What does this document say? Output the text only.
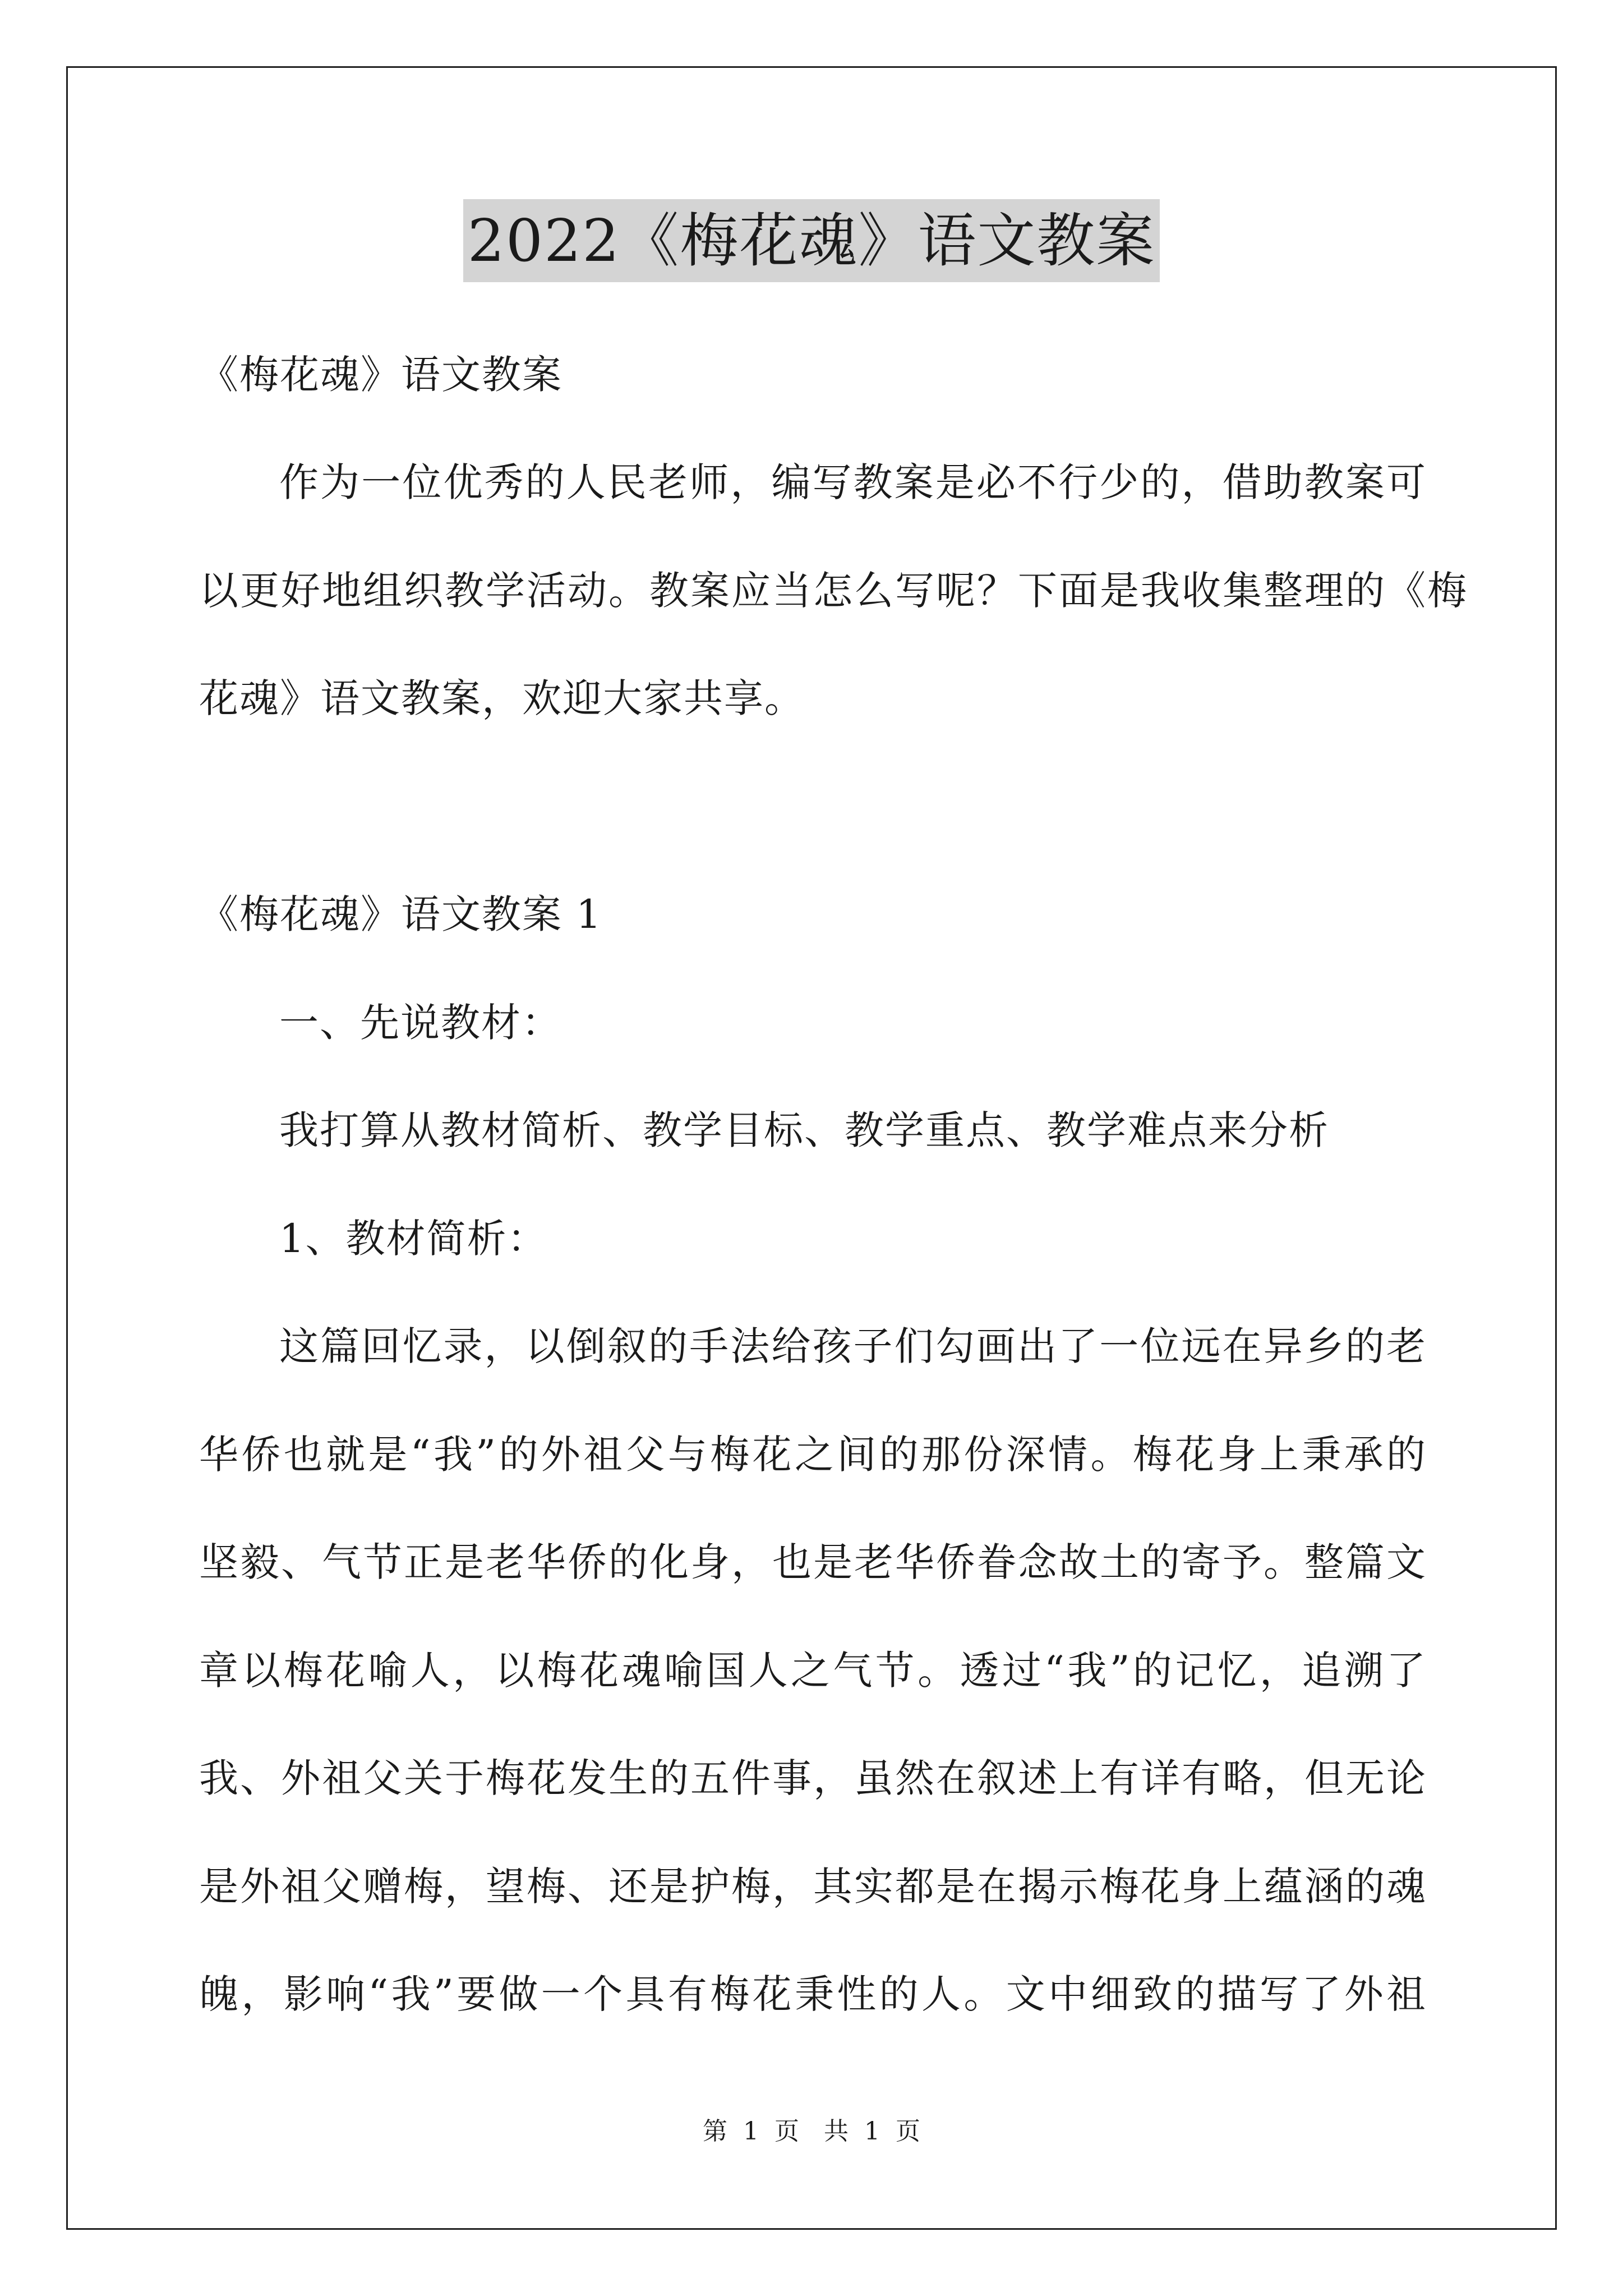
2022《梅花魂》语文教案
《梅花魂》语文教案
作为一位优秀的人民老师，编写教案是必不行少的，借助教案可
以更好地组织教学活动。教案应当怎么写呢？下面是我收集整理的《梅
花魂》语文教案，欢迎大家共享。
《梅花魂》语文教案 1
一、先说教材：
我打算从教材简析、教学目标、教学重点、教学难点来分析
1、教材简析：
这篇回忆录，以倒叙的手法给孩子们勾画出了一位远在异乡的老
华侨也就是“我”的外祖父与梅花之间的那份深情。梅花身上秉承的
坚毅、气节正是老华侨的化身，也是老华侨眷念故土的寄予。整篇文
章以梅花喻人，以梅花魂喻国人之气节。透过“我”的记忆，追溯了
我、外祖父关于梅花发生的五件事，虽然在叙述上有详有略，但无论
是外祖父赠梅，望梅、还是护梅，其实都是在揭示梅花身上蕴涵的魂
魄，影响“我”要做一个具有梅花秉性的人。文中细致的描写了外祖
第 1 页　共 1 页
